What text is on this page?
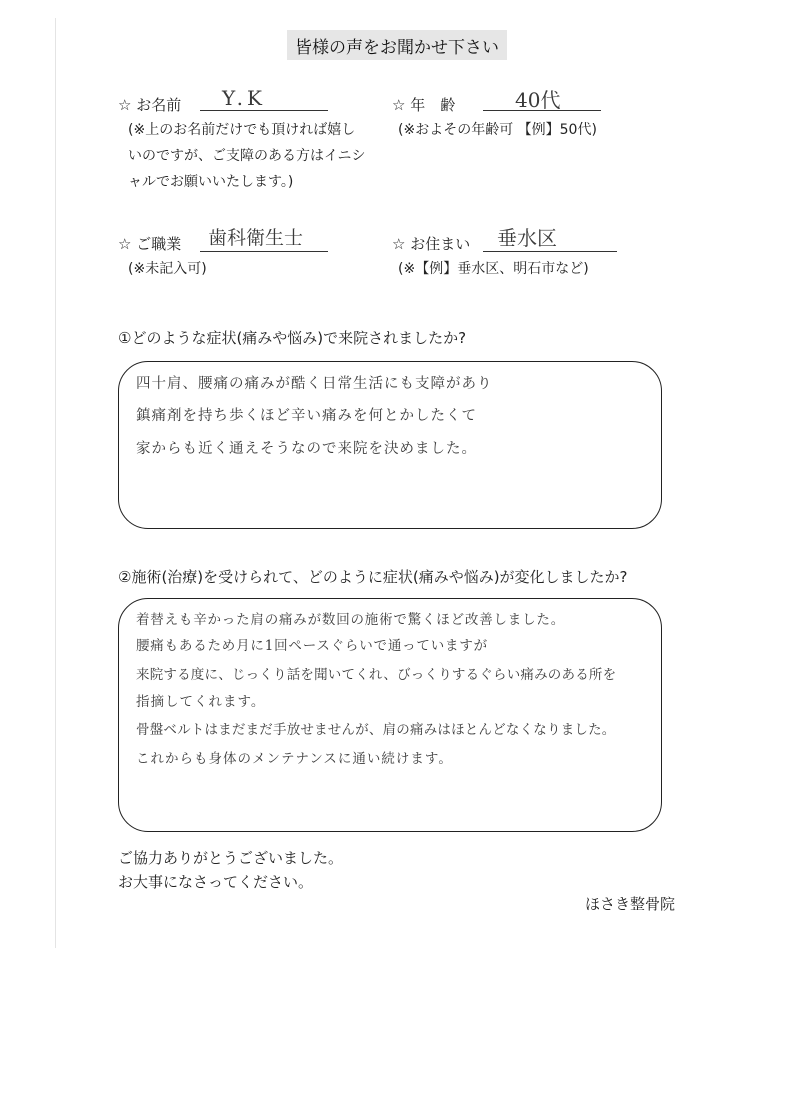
皆様の声をお聞かせ下さい
☆ お名前 Y.K
(※上のお名前だけでも頂ければ嬉しいのですが、ご支障のある方はイニシャルでお願いいたします。)
☆ 年　齢	40代
(※およその年齢可 【例】50代)
☆ ご職業 歯科衛生士
(※未記入可)
☆ お住まい 垂水区
(※【例】垂水区、明石市など)
①どのような症状(痛みや悩み)で来院されましたか?
四十肩、腰痛の痛みが酷く日常生活にも支障があり
鎮痛剤を持ち歩くほど辛い痛みを何とかしたくて
家からも近く通えそうなので来院を決めました。
②施術(治療)を受けられて、どのように症状(痛みや悩み)が変化しましたか?
着替えも辛かった肩の痛みが数回の施術で驚くほど改善しました。
腰痛もあるため月に1回ペースぐらいで通っていますが
来院する度に、じっくり話を聞いてくれ、びっくりするぐらい痛みのある所を
指摘してくれます。
骨盤ベルトはまだまだ手放せませんが、肩の痛みはほとんどなくなりました。
これからも身体のメンテナンスに通い続けます。
ご協力ありがとうございました。
お大事になさってください。
ほさき整骨院
